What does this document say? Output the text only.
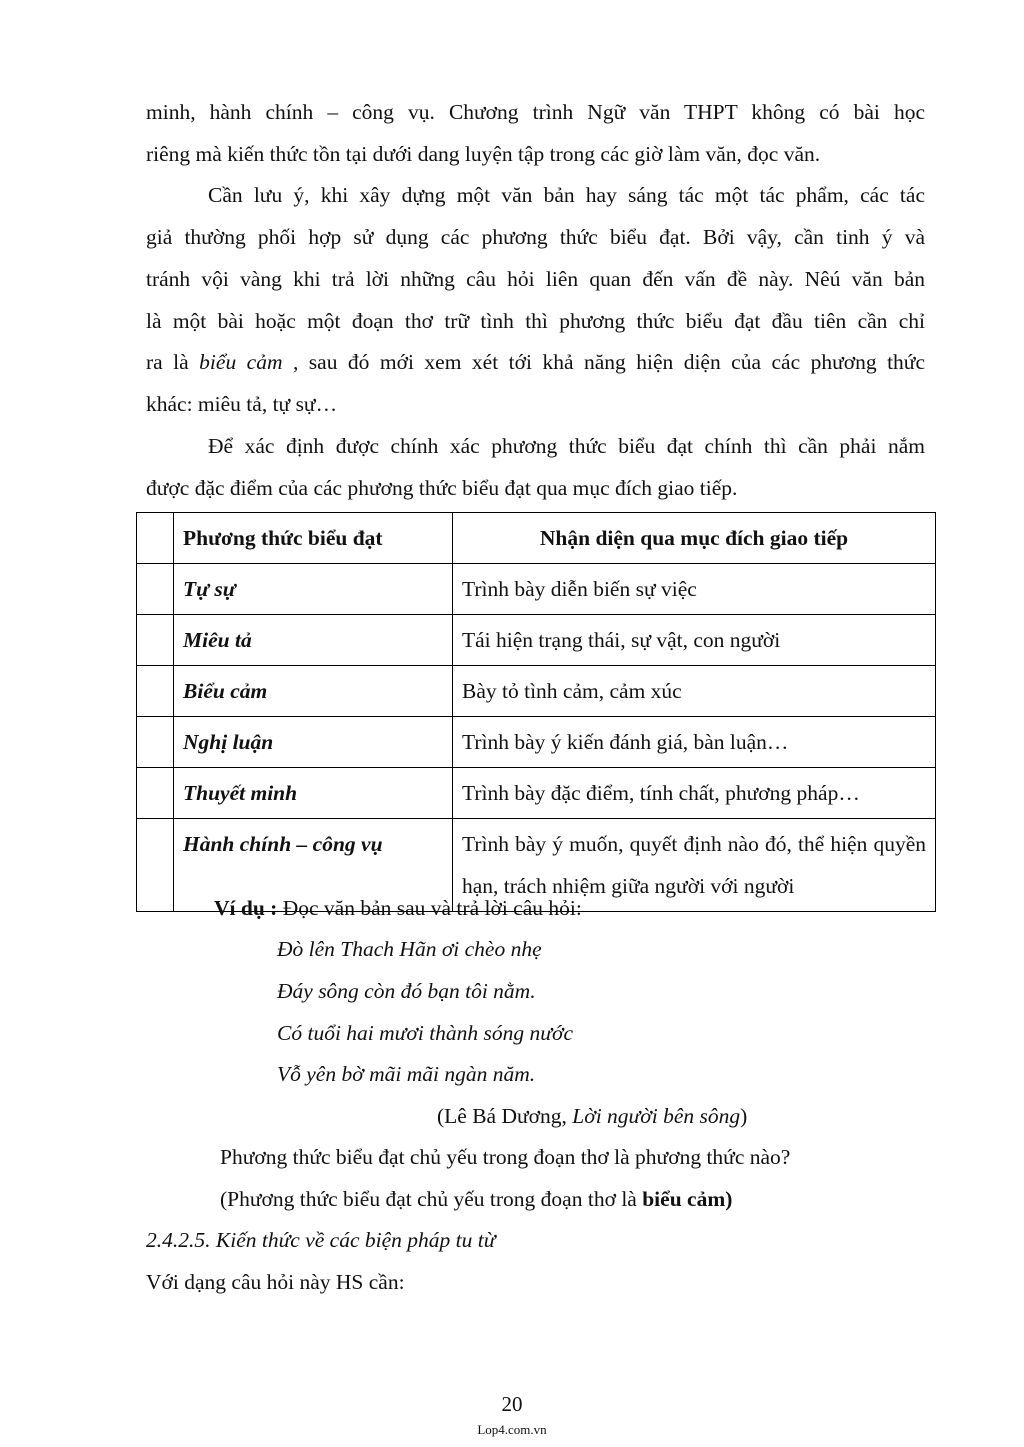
minh, hành chính – công vụ. Chương trình Ngữ văn THPT không có bài học
riêng mà kiến thức tồn tại dưới dang luyện tập trong các giờ làm văn, đọc văn.
Cần lưu ý, khi xây dựng một văn bản hay sáng tác một tác phẩm, các tác
giả thường phối hợp sử dụng các phương thức biểu đạt. Bởi vậy, cần tinh ý và
tránh vội vàng khi trả lời những câu hỏi liên quan đến vấn đề này. Nêú văn bản
là một bài hoặc một đoạn thơ trữ tình thì phương thức biểu đạt đầu tiên cần chỉ
ra là biểu cảm , sau đó mới xem xét tới khả năng hiện diện của các phương thức
khác: miêu tả, tự sự…
Để xác định được chính xác phương thức biểu đạt chính thì cần phải nắm
được đặc điểm của các phương thức biểu đạt qua mục đích giao tiếp.
	Phương thức biểu đạt	Nhận diện qua mục đích giao tiếp
	Tự sự	Trình bày diễn biến sự việc
	Miêu tả	Tái hiện trạng thái, sự vật, con người
	Biểu cảm	Bày tỏ tình cảm, cảm xúc
	Nghị luận	Trình bày ý kiến đánh giá, bàn luận…
	Thuyết minh	Trình bày đặc điểm, tính chất, phương pháp…
	Hành chính – công vụ	Trình bày ý muốn, quyết định nào đó, thể hiện quyền hạn, trách nhiệm giữa người với người
Ví dụ : Đọc văn bản sau và trả lời câu hỏi:
Đò lên Thach Hãn ơi chèo nhẹ
Đáy sông còn đó bạn tôi nằm.
Có tuổi hai mươi thành sóng nước
Vỗ yên bờ mãi mãi ngàn năm.
(Lê Bá Dương, Lời người bên sông)
Phương thức biểu đạt chủ yếu trong đoạn thơ là phương thức nào?
(Phương thức biểu đạt chủ yếu trong đoạn thơ là biểu cảm)
2.4.2.5. Kiến thức về các biện pháp tu từ
Với dạng câu hỏi này HS cần:
20
Lop4.com.vn
